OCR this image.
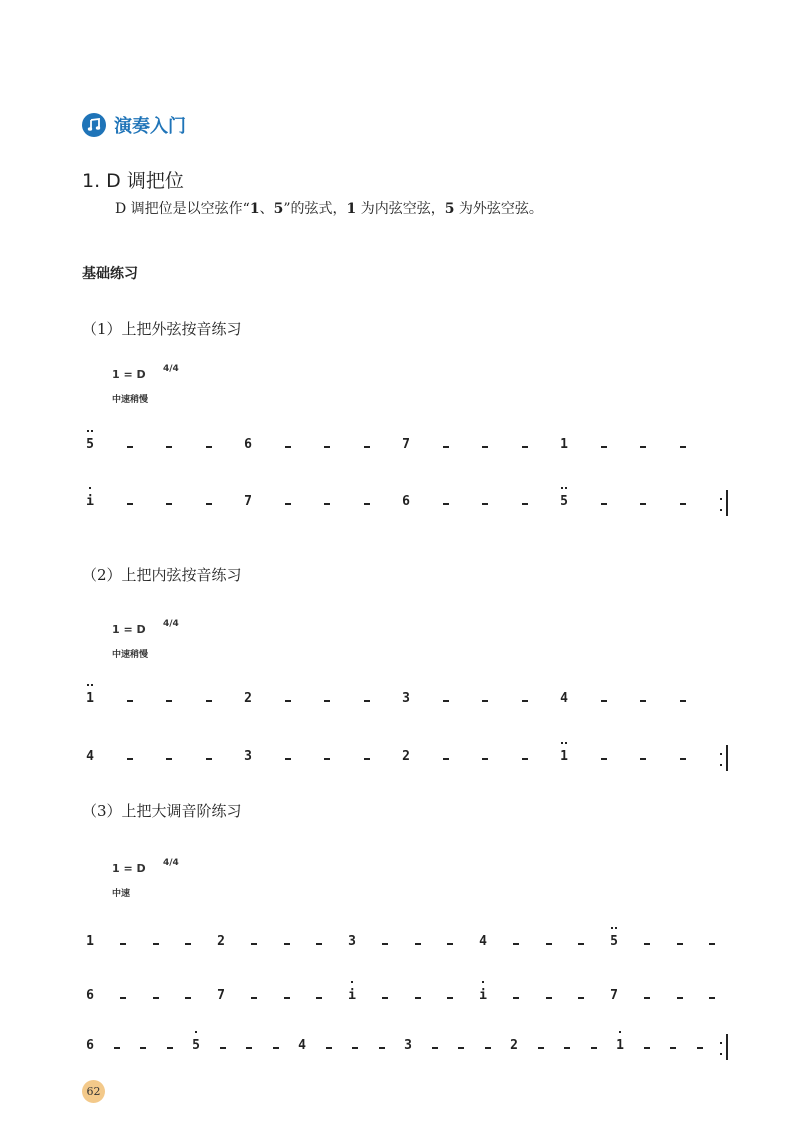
演奏入门
1. D 调把位
D 调把位是以空弦作“1、5”的弦式，1 为内弦空弦，5 为外弦空弦。
基础练习
（1）上把外弦按音练习
1 = D 4/4
中速稍慢
（2）上把内弦按音练习
1 = D 4/4
中速稍慢
（3）上把大调音阶练习
1 = D 4/4
中速
5	6	7	1
i	7	6	5
1	2	3	4
4	3	2	1
1	2	3	4	5
6	7	i	i	7
6	5	4	3	2	1
62
